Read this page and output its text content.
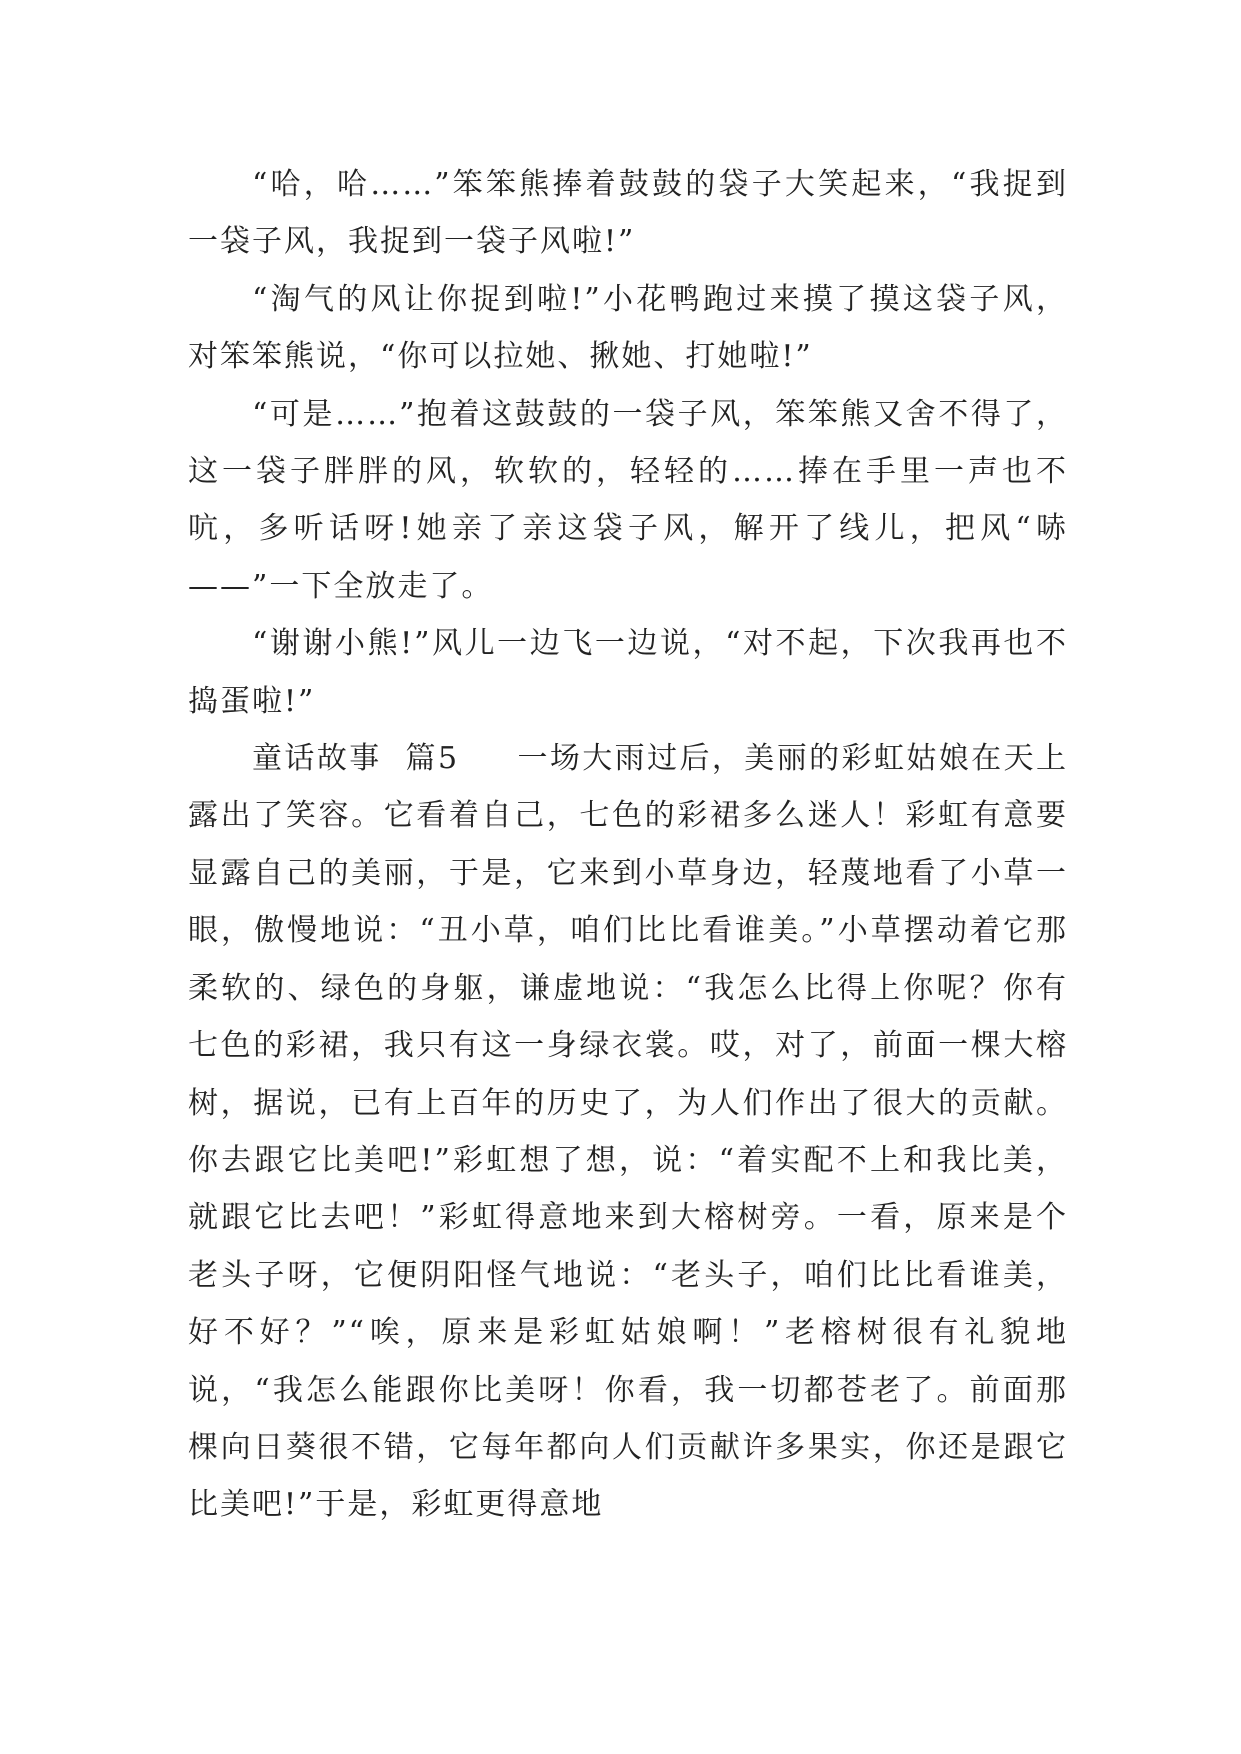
“哈，哈……”笨笨熊捧着鼓鼓的袋子大笑起来，“我捉到一袋子风，我捉到一袋子风啦!”

“淘气的风让你捉到啦!”小花鸭跑过来摸了摸这袋子风，对笨笨熊说，“你可以拉她、揪她、打她啦!”

“可是……”抱着这鼓鼓的一袋子风，笨笨熊又舍不得了，这一袋子胖胖的风，软软的，轻轻的……捧在手里一声也不吭，多听话呀!她亲了亲这袋子风，解开了线儿，把风“哧——”一下全放走了。

“谢谢小熊!”风儿一边飞一边说，“对不起，下次我再也不捣蛋啦!”

童话故事  篇5 一场大雨过后，美丽的彩虹姑娘在天上露出了笑容。它看着自己，七色的彩裙多么迷人！彩虹有意要显露自己的美丽，于是，它来到小草身边，轻蔑地看了小草一眼，傲慢地说：“丑小草，咱们比比看谁美。”小草摆动着它那柔软的、绿色的身躯，谦虚地说：“我怎么比得上你呢？你有七色的彩裙，我只有这一身绿衣裳。哎，对了，前面一棵大榕树，据说，已有上百年的历史了，为人们作出了很大的贡献。你去跟它比美吧!”彩虹想了想，说：“着实配不上和我比美，就跟它比去吧！”彩虹得意地来到大榕树旁。一看，原来是个老头子呀，它便阴阳怪气地说：“老头子，咱们比比看谁美，好不好？”“唉，原来是彩虹姑娘啊！”老榕树很有礼貌地说，“我怎么能跟你比美呀！你看，我一切都苍老了。前面那棵向日葵很不错，它每年都向人们贡献许多果实，你还是跟它比美吧!”于是，彩虹更得意地
